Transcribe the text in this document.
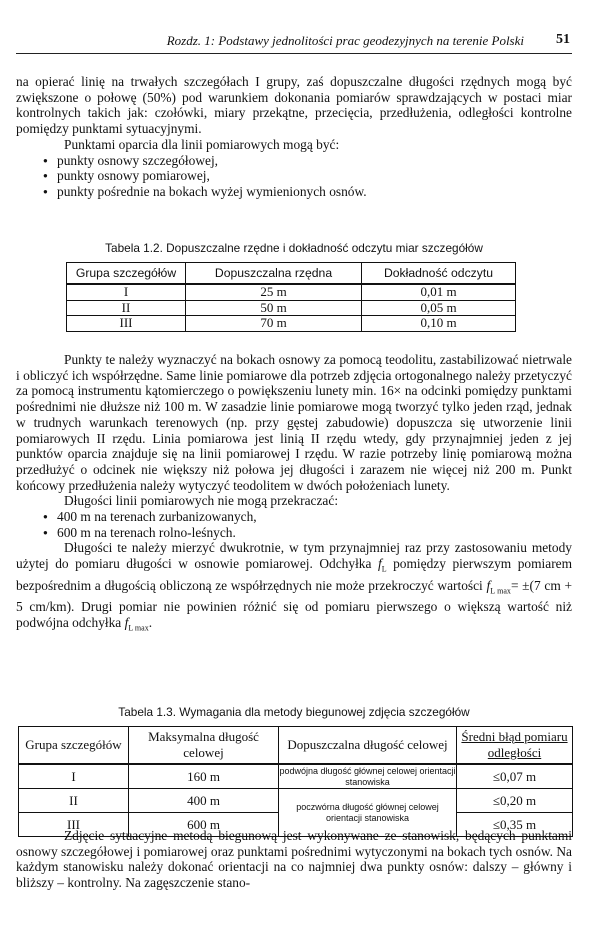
Rozdz. 1: Podstawy jednolitości prac geodezyjnych na terenie Polski 51

na opierać linię na trwałych szczegółach I grupy, zaś dopuszczalne długości rzędnych mogą być zwiększone o połowę (50%) pod warunkiem dokonania pomiarów sprawdzających w postaci miar kontrolnych takich jak: czołówki, miary przekątne, przecięcia, przedłużenia, odległości kontrolne pomiędzy punktami sytuacyjnymi.

Punktami oparcia dla linii pomiarowych mogą być:

● punkty osnowy szczegółowej,
● punkty osnowy pomiarowej,
● punkty pośrednie na bokach wyżej wymienionych osnów.
Tabela 1.2. Dopuszczalne rzędne i dokładność odczytu miar szczegółów
Grupa szczegółów	Dopuszczalna rzędna	Dokładność odczytu
I	25 m	0,01 m
II	50 m	0,05 m
III	70 m	0,10 m

Punkty te należy wyznaczyć na bokach osnowy za pomocą teodolitu, zastabilizować nietrwale i obliczyć ich współrzędne. Same linie pomiarowe dla potrzeb zdjęcia ortogonalnego należy przetyczyć za pomocą instrumentu kątomierczego o powiększeniu lunety min. 16× na odcinki pomiędzy punktami pośrednimi nie dłuższe niż 100 m. W zasadzie linie pomiarowe mogą tworzyć tylko jeden rząd, jednak w trudnych warunkach terenowych (np. przy gęstej zabudowie) dopuszcza się utworzenie linii pomiarowych II rzędu. Linia pomiarowa jest linią II rzędu wtedy, gdy przynajmniej jeden z jej punktów oparcia znajduje się na linii pomiarowej I rzędu. W razie potrzeby linię pomiarową można przedłużyć o odcinek nie większy niż połowa jej długości i zarazem nie więcej niż 200 m. Punkt końcowy przedłużenia należy wytyczyć teodolitem w dwóch położeniach lunety.

Długości linii pomiarowych nie mogą przekraczać:

● 400 m na terenach zurbanizowanych,
● 600 m na terenach rolno-leśnych.

Długości te należy mierzyć dwukrotnie, w tym przynajmniej raz przy zastosowaniu metody użytej do pomiaru długości w osnowie pomiarowej. Odchyłka $f_L$ pomiędzy pierwszym pomiarem bezpośrednim a długością obliczoną ze współrzędnych nie może przekroczyć wartości $f_{L max}= \pm(7$ cm + 5 cm/km). Drugi pomiar nie powinien różnić się od pomiaru pierwszego o większą wartość niż podwójna odchyłka $f_{L max}$.

Tabela 1.3. Wymagania dla metody biegunowej zdjęcia szczegółów
Grupa szczegółów	Maksymalna długość celowej	Dopuszczalna długość celowej	Średni błąd pomiaru odległości
I	160 m	podwójna długość głównej celowej orientacji stanowiska	≤0,07 m
II	400 m	poczwórna długość głównej celowej orientacji stanowiska	≤0,20 m
III	600 m		≤0,35 m

Zdjęcie sytuacyjne metodą biegunową jest wykonywane ze stanowisk, będących punktami osnowy szczegółowej i pomiarowej oraz punktami pośrednimi wytyczonymi na bokach tych osnów. Na każdym stanowisku należy dokonać orientacji na co najmniej dwa punkty osnów: dalszy – główny i bliższy – kontrolny. Na zagęszczenie stano-
